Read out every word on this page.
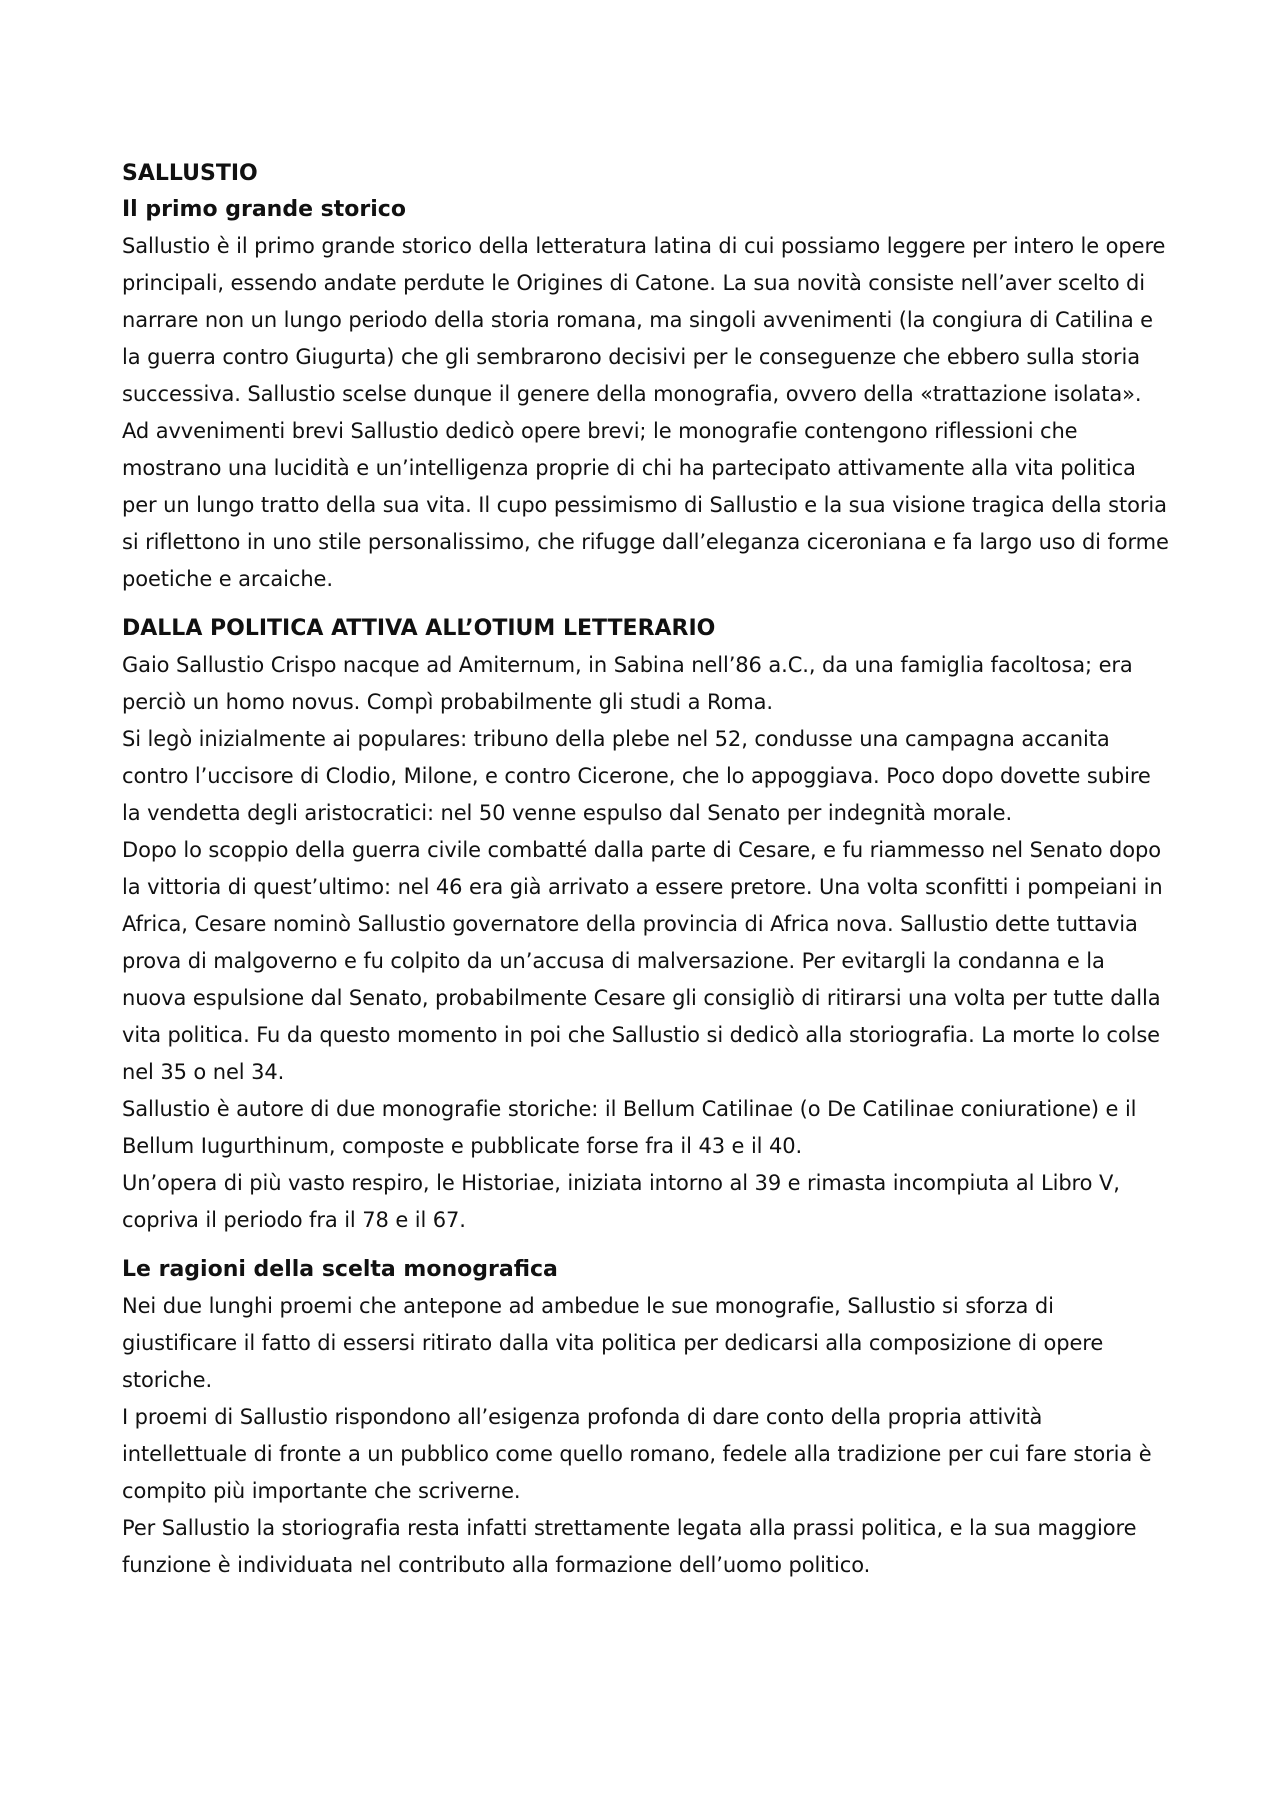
SALLUSTIO
Il primo grande storico

Sallustio è il primo grande storico della letteratura latina di cui possiamo leggere per intero le opere principali, essendo andate perdute le Origines di Catone. La sua novità consiste nell’aver scelto di narrare non un lungo periodo della storia romana, ma singoli avvenimenti (la congiura di Catilina e la guerra contro Giugurta) che gli sembrarono decisivi per le conseguenze che ebbero sulla storia successiva. Sallustio scelse dunque il genere della monografia, ovvero della «trattazione isolata». Ad avvenimenti brevi Sallustio dedicò opere brevi; le monografie contengono riflessioni che mostrano una lucidità e un’intelligenza proprie di chi ha partecipato attivamente alla vita politica per un lungo tratto della sua vita. Il cupo pessimismo di Sallustio e la sua visione tragica della storia si riflettono in uno stile personalissimo, che rifugge dall’eleganza ciceroniana e fa largo uso di forme poetiche e arcaiche.

DALLA POLITICA ATTIVA ALL’OTIUM LETTERARIO

Gaio Sallustio Crispo nacque ad Amiternum, in Sabina nell’86 a.C., da una famiglia facoltosa; era perciò un homo novus. Compì probabilmente gli studi a Roma.

Si legò inizialmente ai populares: tribuno della plebe nel 52, condusse una campagna accanita contro l’uccisore di Clodio, Milone, e contro Cicerone, che lo appoggiava. Poco dopo dovette subire la vendetta degli aristocratici: nel 50 venne espulso dal Senato per indegnità morale.

Dopo lo scoppio della guerra civile combatté dalla parte di Cesare, e fu riammesso nel Senato dopo la vittoria di quest’ultimo: nel 46 era già arrivato a essere pretore. Una volta sconfitti i pompeiani in Africa, Cesare nominò Sallustio governatore della provincia di Africa nova. Sallustio dette tuttavia prova di malgoverno e fu colpito da un’accusa di malversazione. Per evitargli la condanna e la nuova espulsione dal Senato, probabilmente Cesare gli consigliò di ritirarsi una volta per tutte dalla vita politica. Fu da questo momento in poi che Sallustio si dedicò alla storiografia. La morte lo colse nel 35 o nel 34.

Sallustio è autore di due monografie storiche: il Bellum Catilinae (o De Catilinae coniuratione) e il Bellum Iugurthinum, composte e pubblicate forse fra il 43 e il 40.

Un’opera di più vasto respiro, le Historiae, iniziata intorno al 39 e rimasta incompiuta al Libro V, copriva il periodo fra il 78 e il 67.

Le ragioni della scelta monografica

Nei due lunghi proemi che antepone ad ambedue le sue monografie, Sallustio si sforza di giustificare il fatto di essersi ritirato dalla vita politica per dedicarsi alla composizione di opere storiche.

I proemi di Sallustio rispondono all’esigenza profonda di dare conto della propria attività intellettuale di fronte a un pubblico come quello romano, fedele alla tradizione per cui fare storia è compito più importante che scriverne.

Per Sallustio la storiografia resta infatti strettamente legata alla prassi politica, e la sua maggiore funzione è individuata nel contributo alla formazione dell’uomo politico.
